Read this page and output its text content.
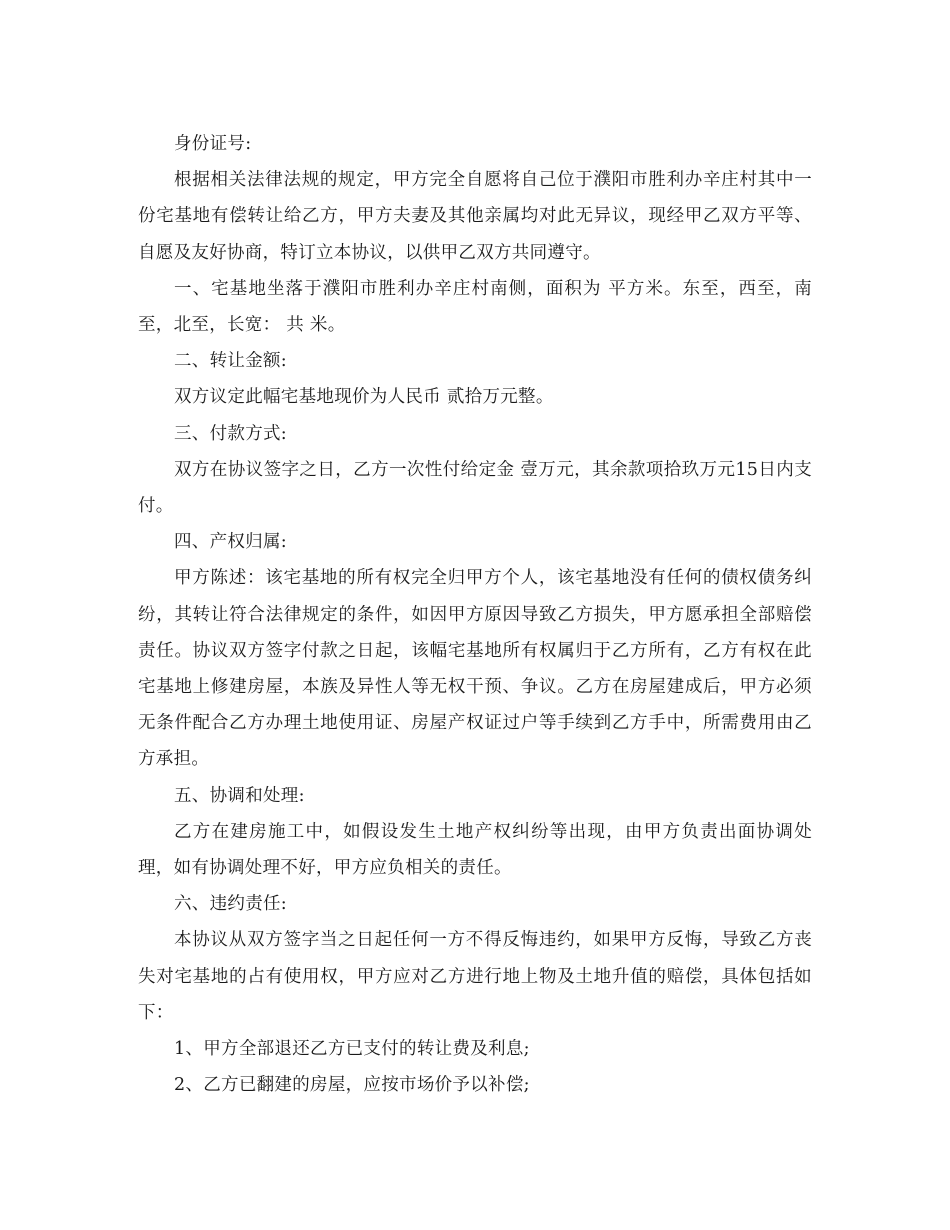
身份证号:

根据相关法律法规的规定，甲方完全自愿将自己位于濮阳市胜利办辛庄村其中一份宅基地有偿转让给乙方，甲方夫妻及其他亲属均对此无异议，现经甲乙双方平等、自愿及友好协商，特订立本协议，以供甲乙双方共同遵守。

一、宅基地坐落于濮阳市胜利办辛庄村南侧，面积为 平方米。东至，西至，南至，北至，长宽： 共 米。

二、转让金额:

双方议定此幅宅基地现价为人民币 贰拾万元整。

三、付款方式:

双方在协议签字之日，乙方一次性付给定金 壹万元，其余款项拾玖万元15日内支付。

四、产权归属:

甲方陈述：该宅基地的所有权完全归甲方个人，该宅基地没有任何的债权债务纠纷，其转让符合法律规定的条件，如因甲方原因导致乙方损失，甲方愿承担全部赔偿责任。协议双方签字付款之日起，该幅宅基地所有权属归于乙方所有，乙方有权在此宅基地上修建房屋，本族及异性人等无权干预、争议。乙方在房屋建成后，甲方必须无条件配合乙方办理土地使用证、房屋产权证过户等手续到乙方手中，所需费用由乙方承担。

五、协调和处理:

乙方在建房施工中，如假设发生土地产权纠纷等出现，由甲方负责出面协调处理，如有协调处理不好，甲方应负相关的责任。

六、违约责任:

本协议从双方签字当之日起任何一方不得反悔违约，如果甲方反悔，导致乙方丧失对宅基地的占有使用权，甲方应对乙方进行地上物及土地升值的赔偿，具体包括如下：

1、甲方全部退还乙方已支付的转让费及利息;

2、乙方已翻建的房屋，应按市场价予以补偿;
